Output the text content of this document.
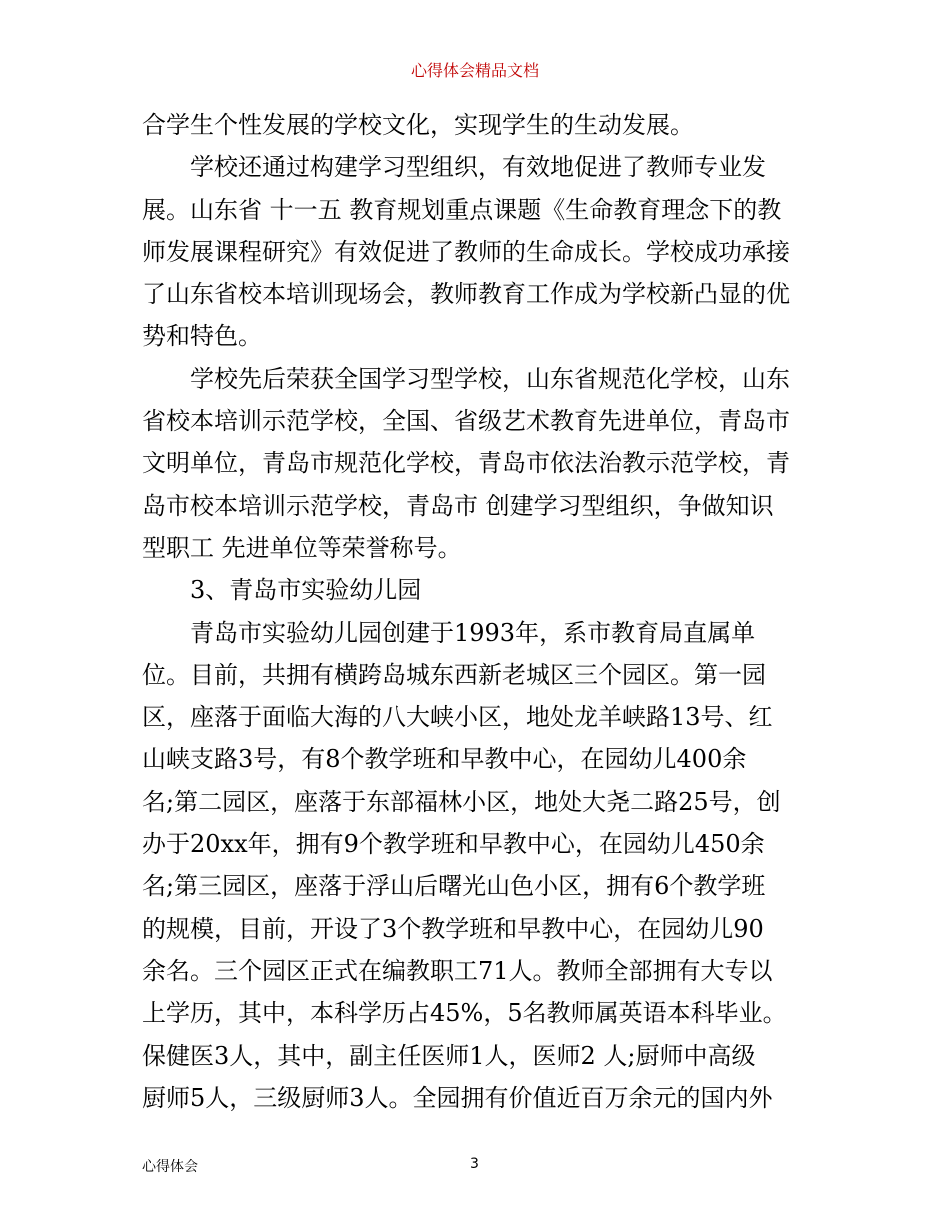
心得体会精品文档
合学生个性发展的学校文化，实现学生的生动发展。
学校还通过构建学习型组织，有效地促进了教师专业发
展。山东省 十一五 教育规划重点课题《生命教育理念下的教
师发展课程研究》有效促进了教师的生命成长。学校成功承接
了山东省校本培训现场会，教师教育工作成为学校新凸显的优
势和特色。
学校先后荣获全国学习型学校，山东省规范化学校，山东
省校本培训示范学校，全国、省级艺术教育先进单位，青岛市
文明单位，青岛市规范化学校，青岛市依法治教示范学校，青
岛市校本培训示范学校，青岛市 创建学习型组织，争做知识
型职工 先进单位等荣誉称号。
3、青岛市实验幼儿园
青岛市实验幼儿园创建于1993年，系市教育局直属单
位。目前，共拥有横跨岛城东西新老城区三个园区。第一园
区，座落于面临大海的八大峡小区，地处龙羊峡路13号、红
山峡支路3号，有8个教学班和早教中心，在园幼儿400余
名;第二园区，座落于东部福林小区，地处大尧二路25号，创
办于20xx年，拥有9个教学班和早教中心，在园幼儿450余
名;第三园区，座落于浮山后曙光山色小区，拥有6个教学班
的规模，目前，开设了3个教学班和早教中心，在园幼儿90
余名。三个园区正式在编教职工71人。教师全部拥有大专以
上学历，其中，本科学历占45%，5名教师属英语本科毕业。
保健医3人，其中，副主任医师1人，医师2 人;厨师中高级
厨师5人，三级厨师3人。全园拥有价值近百万余元的国内外
心得体会	3
